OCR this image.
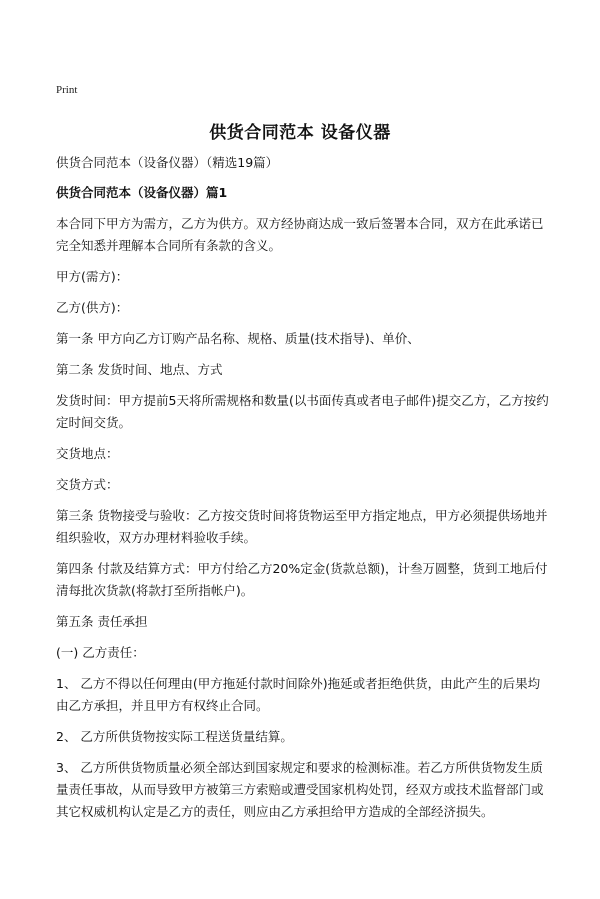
Print
供货合同范本 设备仪器

供货合同范本（设备仪器）（精选19篇）

供货合同范本（设备仪器）篇1

本合同下甲方为需方，乙方为供方。双方经协商达成一致后签署本合同，双方在此承诺已完全知悉并理解本合同所有条款的含义。

甲方(需方)：

乙方(供方)：

第一条 甲方向乙方订购产品名称、规格、质量(技术指导)、单价、

第二条 发货时间、地点、方式

发货时间：甲方提前5天将所需规格和数量(以书面传真或者电子邮件)提交乙方，乙方按约定时间交货。

交货地点：

交货方式：

第三条 货物接受与验收：乙方按交货时间将货物运至甲方指定地点，甲方必须提供场地并组织验收，双方办理材料验收手续。

第四条 付款及结算方式：甲方付给乙方20%定金(货款总额)，计叁万圆整，货到工地后付清每批次货款(将款打至所指帐户)。

第五条 责任承担

(一) 乙方责任：

1、 乙方不得以任何理由(甲方拖延付款时间除外)拖延或者拒绝供货，由此产生的后果均由乙方承担，并且甲方有权终止合同。

2、 乙方所供货物按实际工程送货量结算。

3、 乙方所供货物质量必须全部达到国家规定和要求的检测标准。若乙方所供货物发生质量责任事故，从而导致甲方被第三方索赔或遭受国家机构处罚，经双方或技术监督部门或其它权威机构认定是乙方的责任，则应由乙方承担给甲方造成的全部经济损失。
